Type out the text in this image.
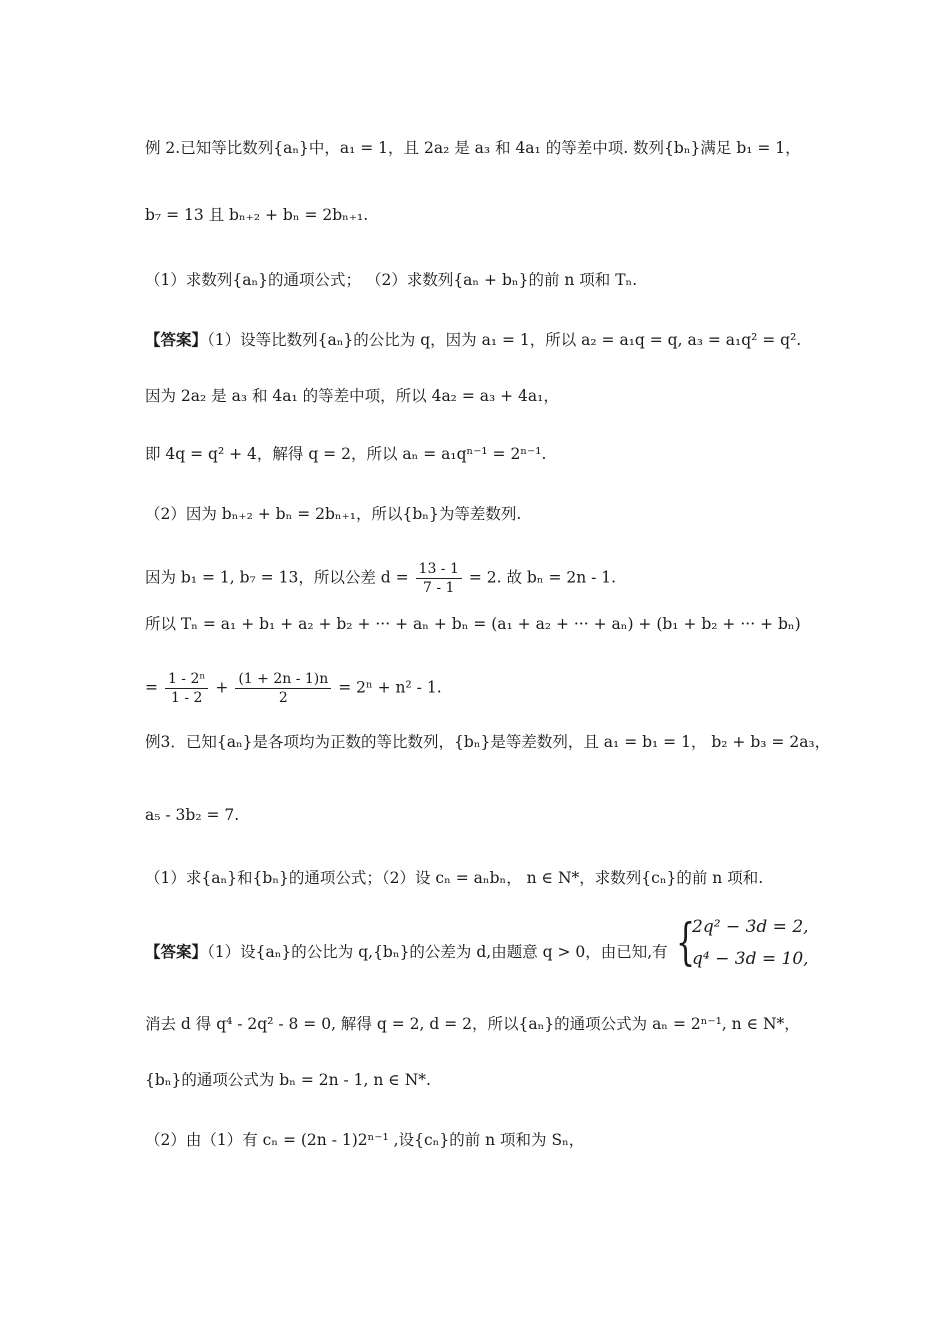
例 2.已知等比数列{aₙ}中，a₁ = 1，且 2a₂ 是 a₃ 和 4a₁ 的等差中项. 数列{bₙ}满足 b₁ = 1，
b₇ = 13 且 bₙ₊₂ + bₙ = 2bₙ₊₁.
（1）求数列{aₙ}的通项公式； （2）求数列{aₙ + bₙ}的前 n 项和 Tₙ.
【答案】（1）设等比数列{aₙ}的公比为 q，因为 a₁ = 1，所以 a₂ = a₁q = q, a₃ = a₁q² = q².
因为 2a₂ 是 a₃ 和 4a₁ 的等差中项，所以 4a₂ = a₃ + 4a₁，
即 4q = q² + 4，解得 q = 2，所以 aₙ = a₁qⁿ⁻¹ = 2ⁿ⁻¹.
（2）因为 bₙ₊₂ + bₙ = 2bₙ₊₁，所以{bₙ}为等差数列.
因为 b₁ = 1, b₇ = 13，所以公差 $d = \frac{13 - 1}{7 - 1} = 2$. 故 bₙ = 2n - 1.
所以 Tₙ = a₁ + b₁ + a₂ + b₂ + ··· + aₙ + bₙ = (a₁ + a₂ + ··· + aₙ) + (b₁ + b₂ + ··· + bₙ)
= $\frac{\text{1 - 2ⁿ}}{1 - 2} + \frac{(1 + 2n - 1)n}{2} = 2^n + n^2 - 1$.
例3．已知{aₙ}是各项均为正数的等比数列，{bₙ}是等差数列，且 a₁ = b₁ = 1， b₂ + b₃ = 2a₃，
a₅ - 3b₂ = 7.
（1）求{aₙ}和{bₙ}的通项公式；（2）设 cₙ = aₙbₙ， n ∈ N*，求数列{cₙ}的前 n 项和.
【答案】（1）设{aₙ}的公比为 q,{bₙ}的公差为 d,由题意 q > 0，由已知,有 {
2q² − 3d = 2,
q⁴ − 3d = 10,
消去 d 得 q⁴ - 2q² - 8 = 0, 解得 q = 2, d = 2，所以{aₙ}的通项公式为 aₙ = 2ⁿ⁻¹, n ∈ N*，
{bₙ}的通项公式为 bₙ = 2n - 1, n ∈ N*.
（2）由（1）有 cₙ = (2n - 1)2ⁿ⁻¹ ,设{cₙ}的前 n 项和为 Sₙ，
